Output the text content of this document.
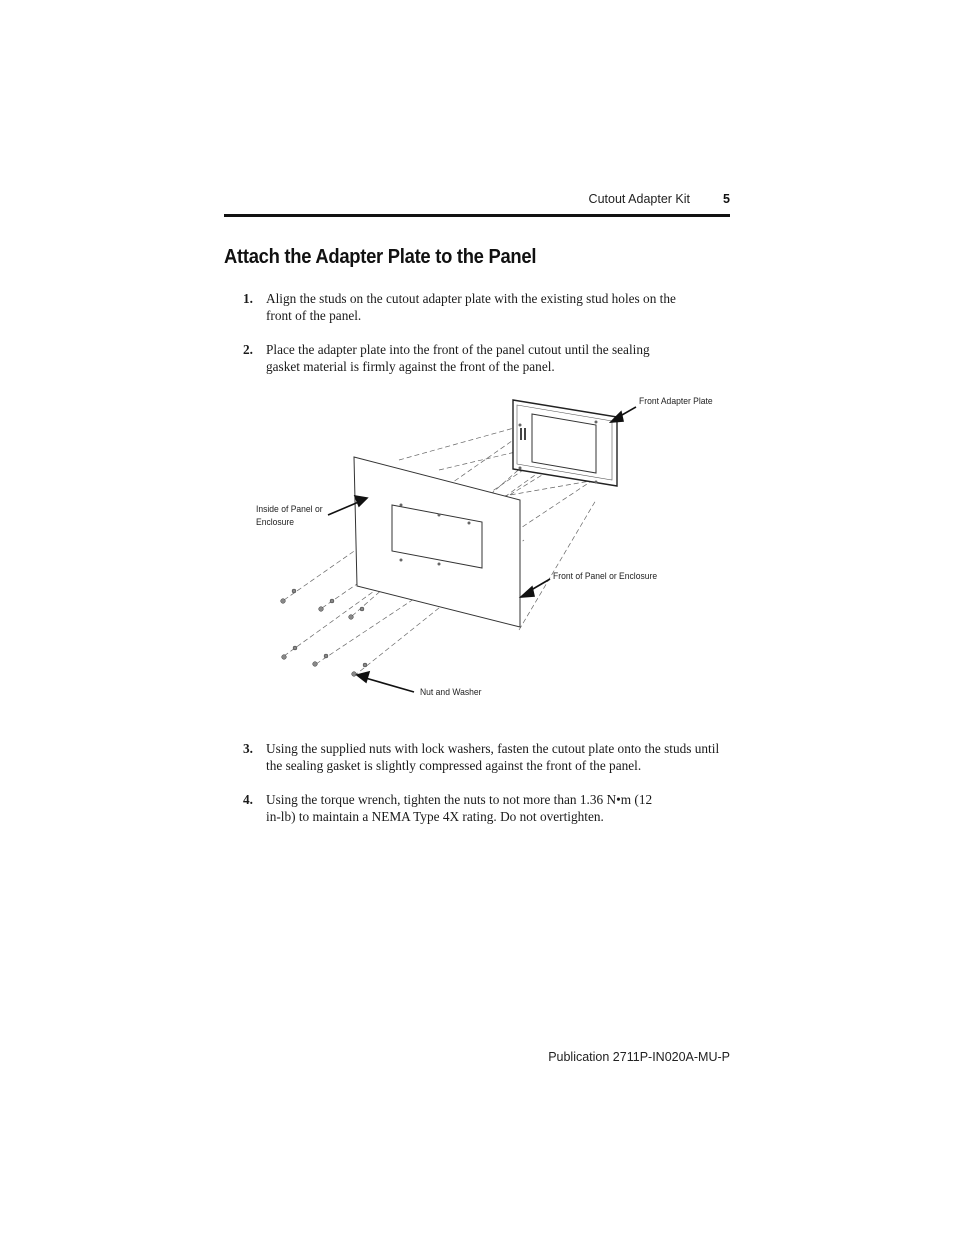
Cutout Adapter Kit	5
Attach the Adapter Plate to the Panel
1. Align the studs on the cutout adapter plate with the existing stud holes on the front of the panel.
2. Place the adapter plate into the front of the panel cutout until the sealing gasket material is firmly against the front of the panel.
Front Adapter Plate
Inside of Panel or Enclosure
Front of Panel or Enclosure
Nut and Washer
3. Using the supplied nuts with lock washers, fasten the cutout plate onto the studs until the sealing gasket is slightly compressed against the front of the panel.
4. Using the torque wrench, tighten the nuts to not more than 1.36 N•m (12 in-lb) to maintain a NEMA Type 4X rating. Do not overtighten.
Publication 2711P-IN020A-MU-P
